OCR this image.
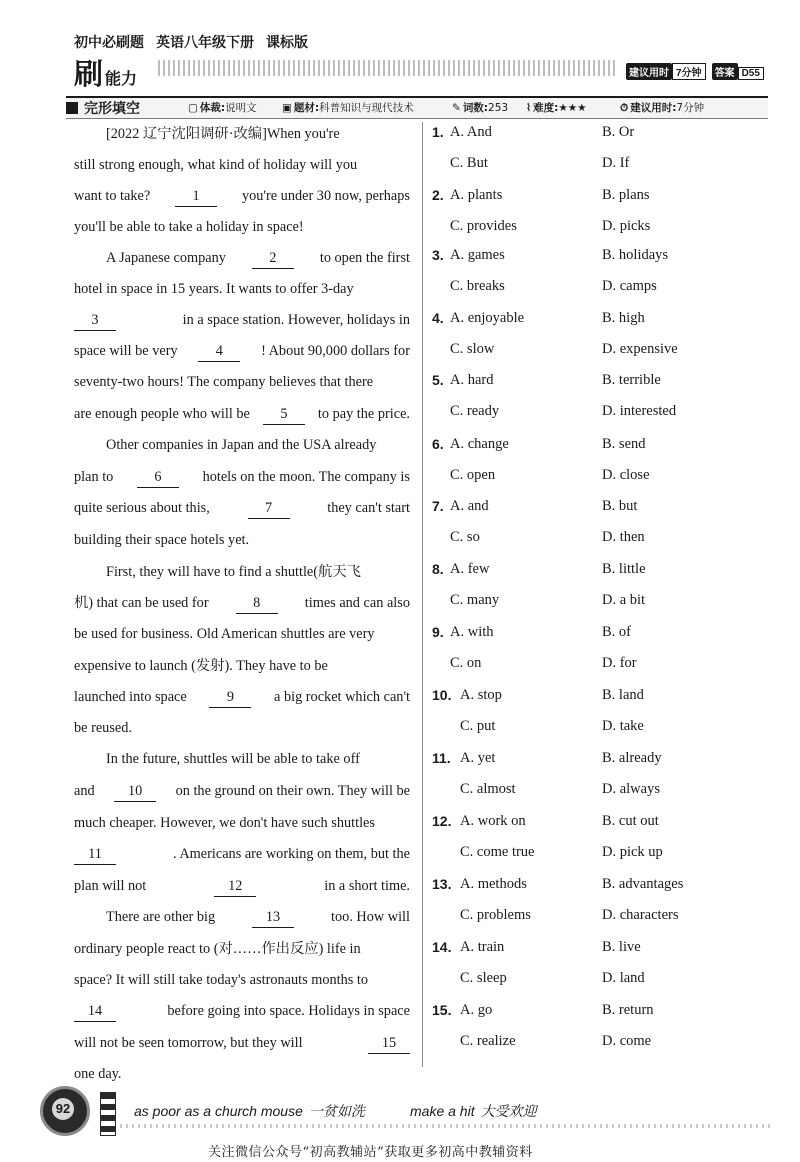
初中必刷题 英语八年级下册 课标版
刷能力	建议用时 7分钟 答案 D55
完形填空	▢ 体裁:说明文 ▣ 题材:科普知识与现代技术	✎ 词数:253 ⌇ 难度:★★★	⏱ 建议用时:7分钟
[2022 辽宁沈阳调研·改编]When you're
still strong enough, what kind of holiday will you
want to take?	1	you're under 30 now, perhaps
you'll be able to take a holiday in space!
A Japanese company	2	to open the first
hotel in space in 15 years. It wants to offer 3-day
3	in a space station. However, holidays in
space will be very	4	! About 90,000 dollars for
seventy-two hours! The company believes that there
are enough people who will be	5	to pay the price.
Other companies in Japan and the USA already
plan to	6	hotels on the moon. The company is
quite serious about this,	7	they can't start
building their space hotels yet.
First, they will have to find a shuttle(航天飞
机) that can be used for	8	times and can also
be used for business. Old American shuttles are very
expensive to launch (发射). They have to be
launched into space	9	a big rocket which can't
be reused.
In the future, shuttles will be able to take off
and	10	on the ground on their own. They will be
much cheaper. However, we don't have such shuttles
11	. Americans are working on them, but the
plan will not	12	in a short time.
There are other big	13	too. How will
ordinary people react to (对……作出反应) life in
space? It will still take today's astronauts months to
14	before going into space. Holidays in space
will not be seen tomorrow, but they will	15
one day.
1. A. And	B. Or
C. But	D. If
2. A. plants	B. plans
C. provides	D. picks
3. A. games	B. holidays
C. breaks	D. camps
4. A. enjoyable	B. high
C. slow	D. expensive
5. A. hard	B. terrible
C. ready	D. interested
6. A. change	B. send
C. open	D. close
7. A. and	B. but
C. so	D. then
8. A. few	B. little
C. many	D. a bit
9. A. with	B. of
C. on	D. for
10. A. stop	B. land
C. put	D. take
11. A. yet	B. already
C. almost	D. always
12. A. work on	B. cut out
C. come true	D. pick up
13. A. methods	B. advantages
C. problems	D. characters
14. A. train	B. live
C. sleep	D. land
15. A. go	B. return
C. realize	D. come
92	as poor as a church mouse 一贫如洗	make a hit 大受欢迎
关注微信公众号“初高教辅站”获取更多初高中教辅资料
